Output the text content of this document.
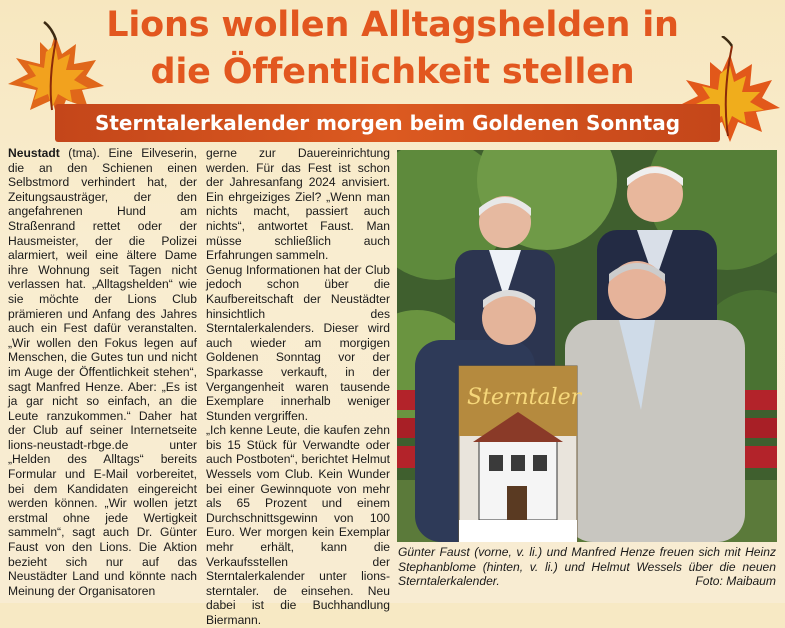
Lions wollen Alltagshelden in
die Öffentlichkeit stellen
Sterntalerkalender morgen beim Goldenen Sonntag

Neustadt (tma). Eine Eilveserin, die an den Schienen einen Selbstmord verhindert hat, der Zeitungsausträger, der den angefahrenen Hund am Straßenrand rettet oder der Hausmeister, der die Polizei alarmiert, weil eine ältere Dame ihre Wohnung seit Tagen nicht verlassen hat. „Alltagshelden“ wie sie möchte der Lions Club prämieren und Anfang des Jahres auch ein Fest dafür veranstalten. „Wir wollen den Fokus legen auf Menschen, die Gutes tun und nicht im Auge der Öffentlichkeit stehen“, sagt Manfred Henze. Aber: „Es ist ja gar nicht so einfach, an die Leute ranzukommen.“ Daher hat der Club auf seiner Internetseite lions-neustadt-rbge.de unter „Helden des Alltags“ bereits Formular und E-Mail vorbereitet, bei dem Kandidaten eingereicht werden können. „Wir wollen jetzt erstmal ohne jede Wertigkeit sammeln“, sagt auch Dr. Günter Faust von den Lions. Die Aktion bezieht sich nur auf das Neustädter Land und könnte nach Meinung der Organisatoren

gerne zur Dauereinrichtung werden. Für das Fest ist schon der Jahresanfang 2024 anvisiert. Ein ehrgeiziges Ziel? „Wenn man nichts macht, passiert auch nichts“, antwortet Faust. Man müsse schließlich auch Erfahrungen sammeln.

Genug Informationen hat der Club jedoch schon über die Kaufbereitschaft der Neustädter hinsichtlich des Sterntalerkalenders. Dieser wird auch wieder am morgigen Goldenen Sonntag vor der Sparkasse verkauft, in der Vergangenheit waren tausende Exemplare innerhalb weniger Stunden vergriffen.

„Ich kenne Leute, die kaufen zehn bis 15 Stück für Verwandte oder auch Postboten“, berichtet Helmut Wessels vom Club. Kein Wunder bei einer Gewinnquote von mehr als 65 Prozent und einem Durchschnittsgewinn von 100 Euro. Wer morgen kein Exemplar mehr erhält, kann die Verkaufsstellen der Sterntalerkalender unter lions-sterntaler. de einsehen. Neu dabei ist die Buchhandlung Biermann.

Sterntaler
Günter Faust (vorne, v. li.) und Manfred Henze freuen sich mit Heinz Stephanblome (hinten, v. li.) und Helmut Wessels über die neuen Sterntalerkalender.	Foto: Maibaum
